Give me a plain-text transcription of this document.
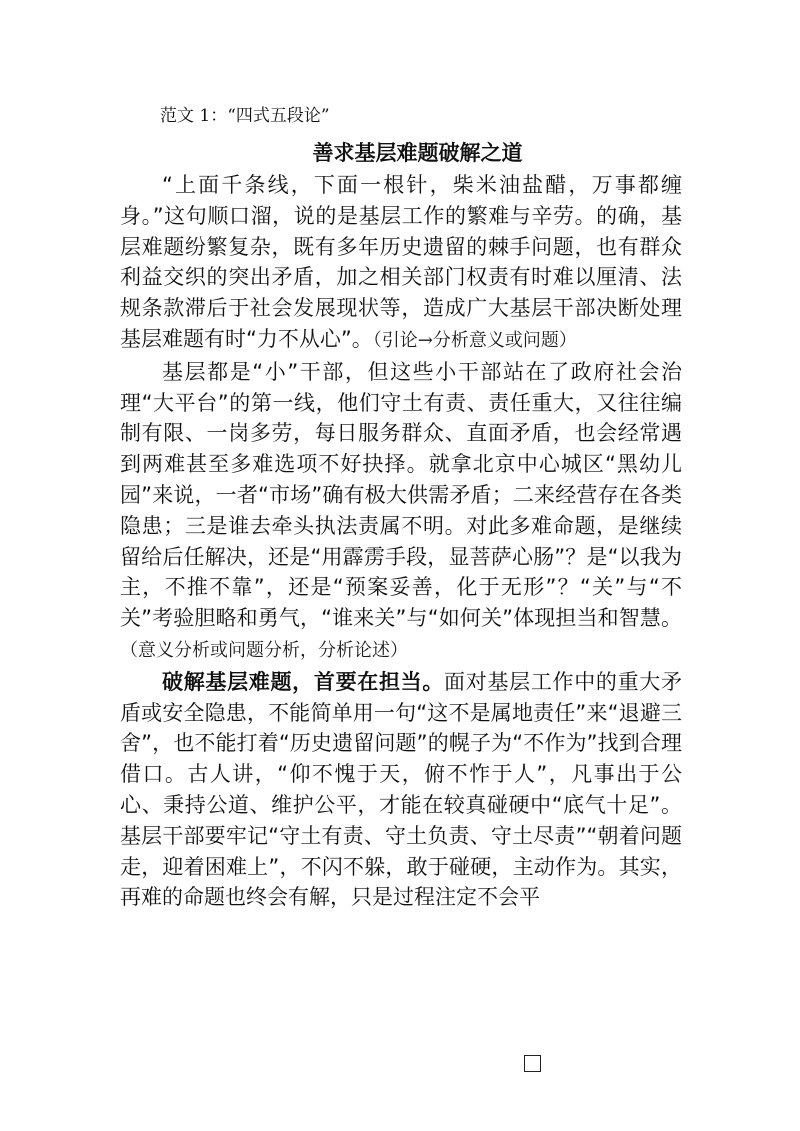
范文 1：“四式五段论”
善求基层难题破解之道

“上面千条线，下面一根针，柴米油盐醋，万事都缠身。”这句顺口溜，说的是基层工作的繁难与辛劳。的确，基层难题纷繁复杂，既有多年历史遗留的棘手问题，也有群众利益交织的突出矛盾，加之相关部门权责有时难以厘清、法规条款滞后于社会发展现状等，造成广大基层干部决断处理基层难题有时“力不从心”。（引论→分析意义或问题）

基层都是“小”干部，但这些小干部站在了政府社会治理“大平台”的第一线，他们守土有责、责任重大，又往往编制有限、一岗多劳，每日服务群众、直面矛盾，也会经常遇到两难甚至多难选项不好抉择。就拿北京中心城区“黑幼儿园”来说，一者“市场”确有极大供需矛盾；二来经营存在各类隐患；三是谁去牵头执法责属不明。对此多难命题，是继续留给后任解决，还是“用霹雳手段，显菩萨心肠”？是“以我为主，不推不靠”，还是“预案妥善，化于无形”？“关”与“不关”考验胆略和勇气，“谁来关”与“如何关”体现担当和智慧。（意义分析或问题分析，分析论述）

破解基层难题，首要在担当。面对基层工作中的重大矛盾或安全隐患，不能简单用一句“这不是属地责任”来“退避三舍”，也不能打着“历史遗留问题”的幌子为“不作为”找到合理借口。古人讲，“仰不愧于天，俯不怍于人”，凡事出于公心、秉持公道、维护公平，才能在较真碰硬中“底气十足”。基层干部要牢记“守土有责、守土负责、守土尽责”“朝着问题走，迎着困难上”，不闪不躲，敢于碰硬，主动作为。其实，再难的命题也终会有解，只是过程注定不会平
